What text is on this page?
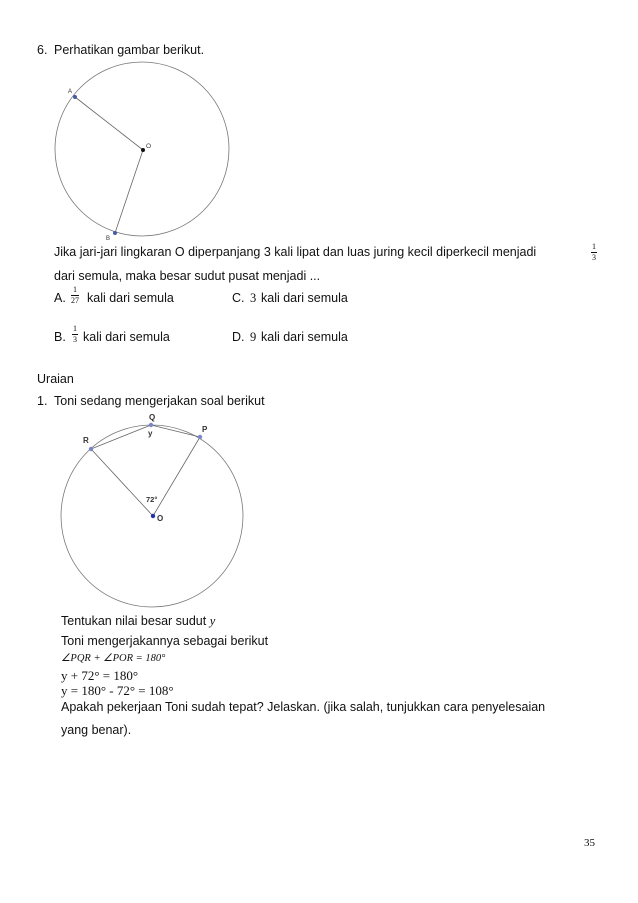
6. Perhatikan gambar berikut.
A
O
B
Jika jari-jari lingkaran O diperpanjang 3 kali lipat dan luas juring kecil diperkecil menjadi	$\frac{1}{3}$
dari semula, maka besar sudut pusat menjadi ...
A. $\frac{1}{27}$ kali dari semula	C. 3 kali dari semula
B. $\frac{1}{3}$ kali dari semula	D. 9 kali dari semula
Uraian
1. Toni sedang mengerjakan soal berikut
Q
y	P
R
72°
O
Tentukan nilai besar sudut y
Toni mengerjakannya sebagai berikut
∠PQR + ∠POR = 180°
y + 72° = 180°
y = 180° - 72° = 108°
Apakah pekerjaan Toni sudah tepat? Jelaskan. (jika salah, tunjukkan cara penyelesaian
yang benar).
35
